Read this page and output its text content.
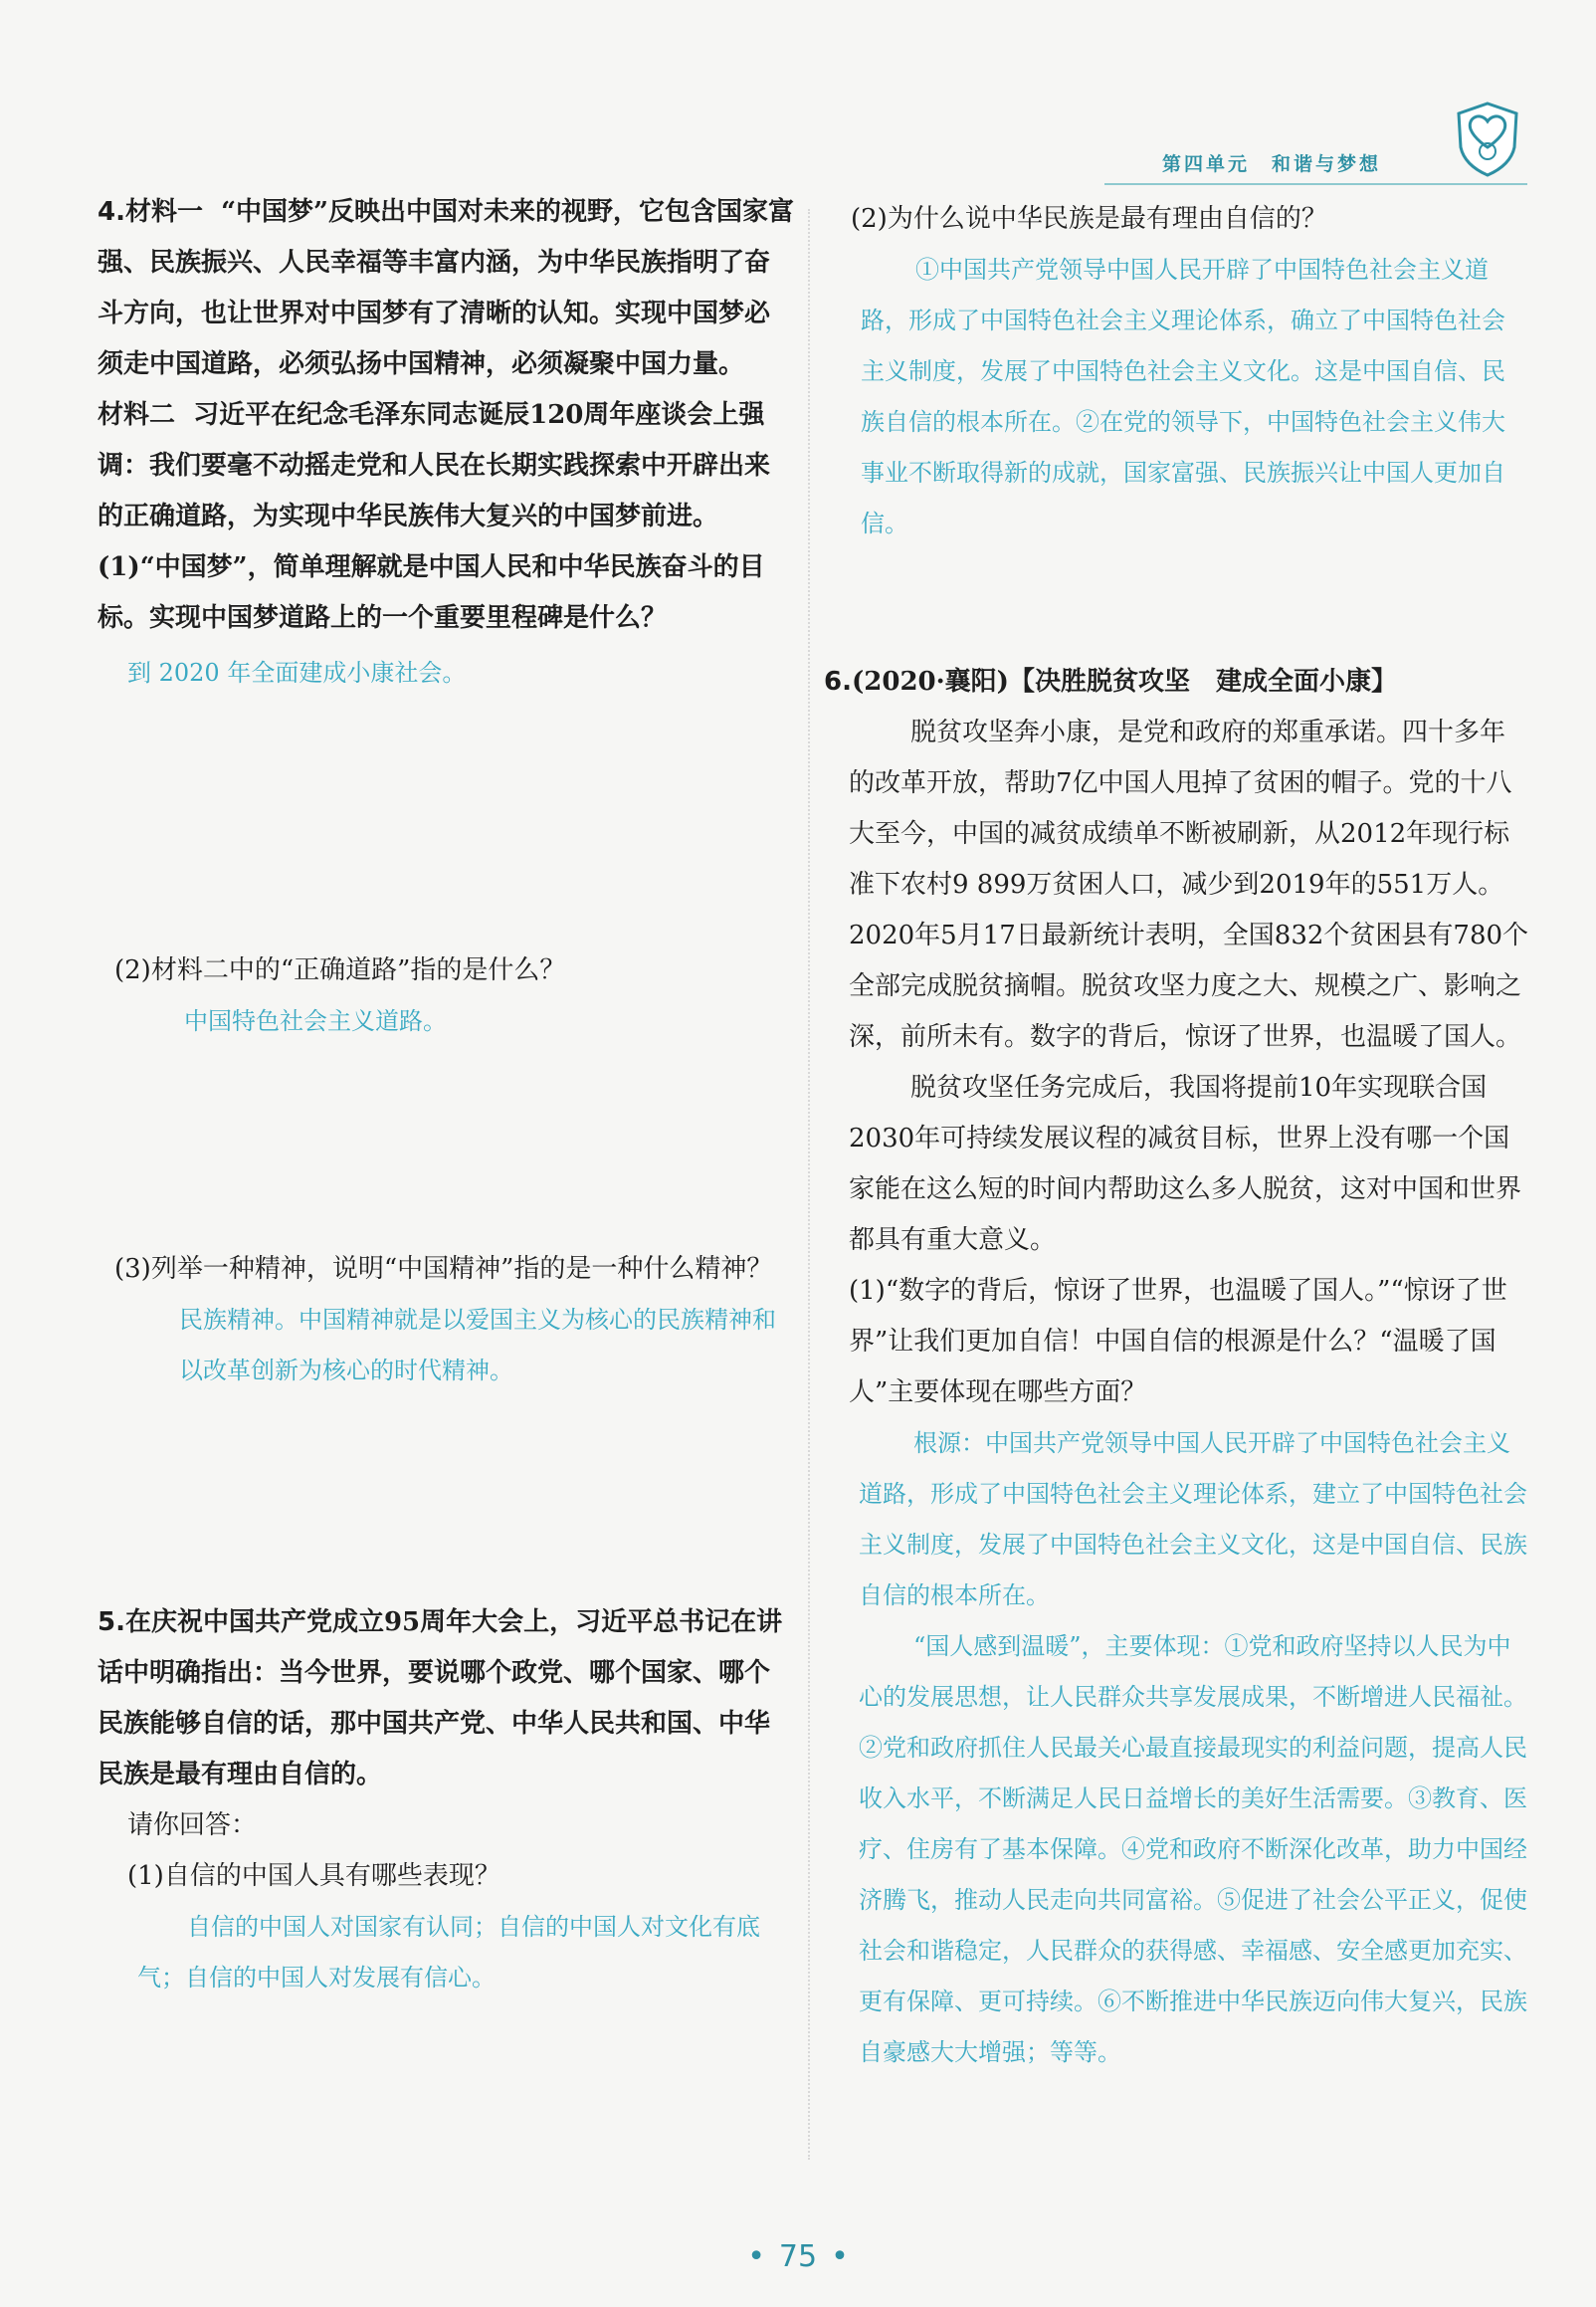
第四单元 和谐与梦想
4.材料一 “中国梦”反映出中国对未来的视野，它包含国家富强、民族振兴、人民幸福等丰富内涵，为中华民族指明了奋斗方向，也让世界对中国梦有了清晰的认知。实现中国梦必须走中国道路，必须弘扬中国精神，必须凝聚中国力量。
材料二 习近平在纪念毛泽东同志诞辰120周年座谈会上强调：我们要毫不动摇走党和人民在长期实践探索中开辟出来的正确道路，为实现中华民族伟大复兴的中国梦前进。
(1)“中国梦”，简单理解就是中国人民和中华民族奋斗的目标。实现中国梦道路上的一个重要里程碑是什么？
到 2020 年全面建成小康社会。
(2)材料二中的“正确道路”指的是什么？
中国特色社会主义道路。
(3)列举一种精神，说明“中国精神”指的是一种什么精神？
民族精神。中国精神就是以爱国主义为核心的民族精神和以改革创新为核心的时代精神。
5.在庆祝中国共产党成立95周年大会上，习近平总书记在讲话中明确指出：当今世界，要说哪个政党、哪个国家、哪个民族能够自信的话，那中国共产党、中华人民共和国、中华民族是最有理由自信的。
请你回答：
(1)自信的中国人具有哪些表现？
自信的中国人对国家有认同；自信的中国人对文化有底气；自信的中国人对发展有信心。
(2)为什么说中华民族是最有理由自信的？
①中国共产党领导中国人民开辟了中国特色社会主义道路，形成了中国特色社会主义理论体系，确立了中国特色社会主义制度，发展了中国特色社会主义文化。这是中国自信、民族自信的根本所在。②在党的领导下，中国特色社会主义伟大事业不断取得新的成就，国家富强、民族振兴让中国人更加自信。
6.(2020·襄阳)【决胜脱贫攻坚　建成全面小康】
脱贫攻坚奔小康，是党和政府的郑重承诺。四十多年的改革开放，帮助7亿中国人甩掉了贫困的帽子。党的十八大至今，中国的减贫成绩单不断被刷新，从2012年现行标准下农村9 899万贫困人口，减少到2019年的551万人。2020年5月17日最新统计表明，全国832个贫困县有780个全部完成脱贫摘帽。脱贫攻坚力度之大、规模之广、影响之深，前所未有。数字的背后，惊讶了世界，也温暖了国人。
脱贫攻坚任务完成后，我国将提前10年实现联合国2030年可持续发展议程的减贫目标，世界上没有哪一个国家能在这么短的时间内帮助这么多人脱贫，这对中国和世界都具有重大意义。
(1)“数字的背后，惊讶了世界，也温暖了国人。”“惊讶了世界”让我们更加自信！中国自信的根源是什么？“温暖了国人”主要体现在哪些方面？
根源：中国共产党领导中国人民开辟了中国特色社会主义道路，形成了中国特色社会主义理论体系，建立了中国特色社会主义制度，发展了中国特色社会主义文化，这是中国自信、民族自信的根本所在。
“国人感到温暖”，主要体现：①党和政府坚持以人民为中心的发展思想，让人民群众共享发展成果，不断增进人民福祉。②党和政府抓住人民最关心最直接最现实的利益问题，提高人民收入水平，不断满足人民日益增长的美好生活需要。③教育、医疗、住房有了基本保障。④党和政府不断深化改革，助力中国经济腾飞，推动人民走向共同富裕。⑤促进了社会公平正义，促使社会和谐稳定，人民群众的获得感、幸福感、安全感更加充实、更有保障、更可持续。⑥不断推进中华民族迈向伟大复兴，民族自豪感大大增强；等等。
• 75 •
